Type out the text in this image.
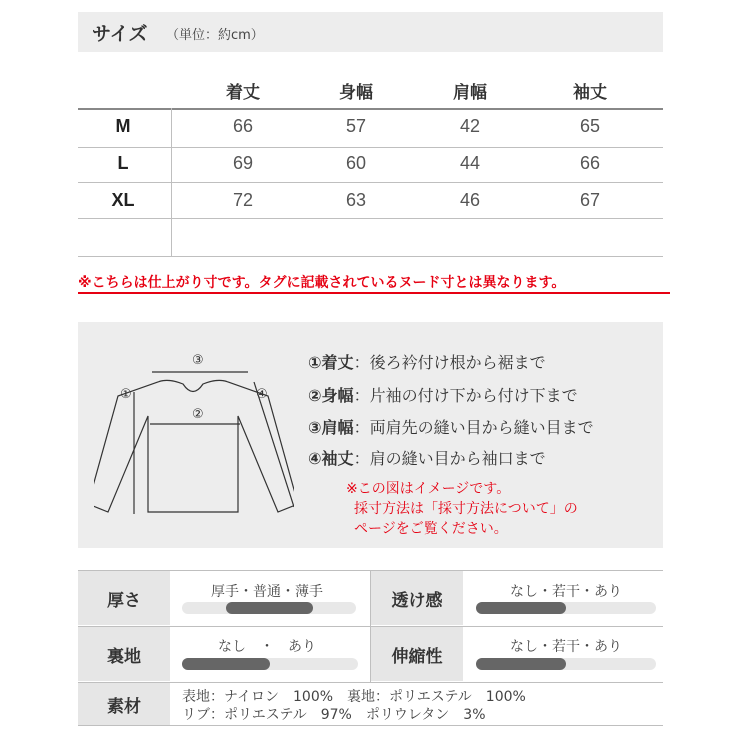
サイズ （単位：約cm）
着丈	身幅	肩幅	袖丈
M	66	57	42	65
L	69	60	44	66
XL	72	63	46	67
※こちらは仕上がり寸です。タグに記載されているヌード寸とは異なります。
①
②
③
④
①着丈：後ろ衿付け根から裾まで
②身幅：片袖の付け下から付け下まで
③肩幅：両肩先の縫い目から縫い目まで
④袖丈：肩の縫い目から袖口まで
※この図はイメージです。
採寸方法は「採寸方法について」の
ページをご覧ください。
厚さ	厚手・普通・薄手	透け感	なし・若干・あり
裏地	なし　・　あり	伸縮性	なし・若干・あり
素材	表地：ナイロン　100%　裏地：ポリエステル　100%
リブ：ポリエステル　97%　ポリウレタン　3%
